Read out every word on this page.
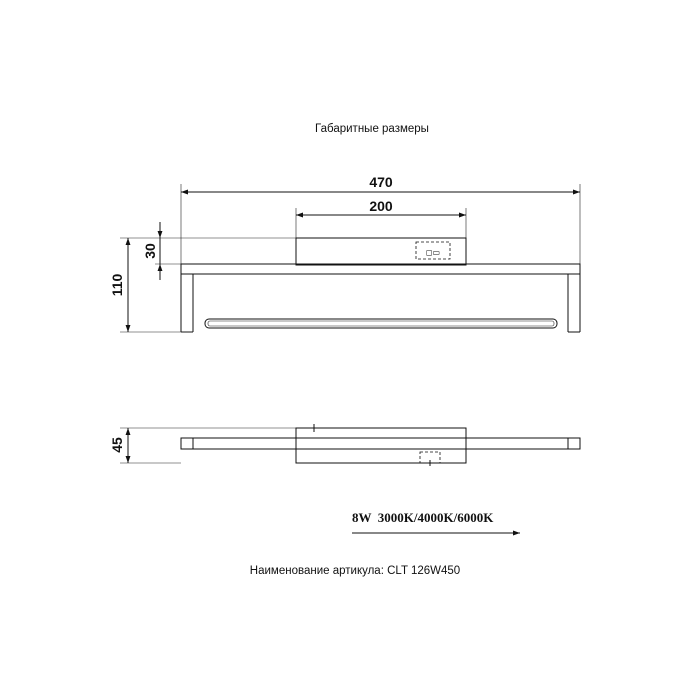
Габаритные размеры
470
200
◻▭
110
30
45
8W  3000K/4000K/6000K
Наименование артикула: CLT 126W450
